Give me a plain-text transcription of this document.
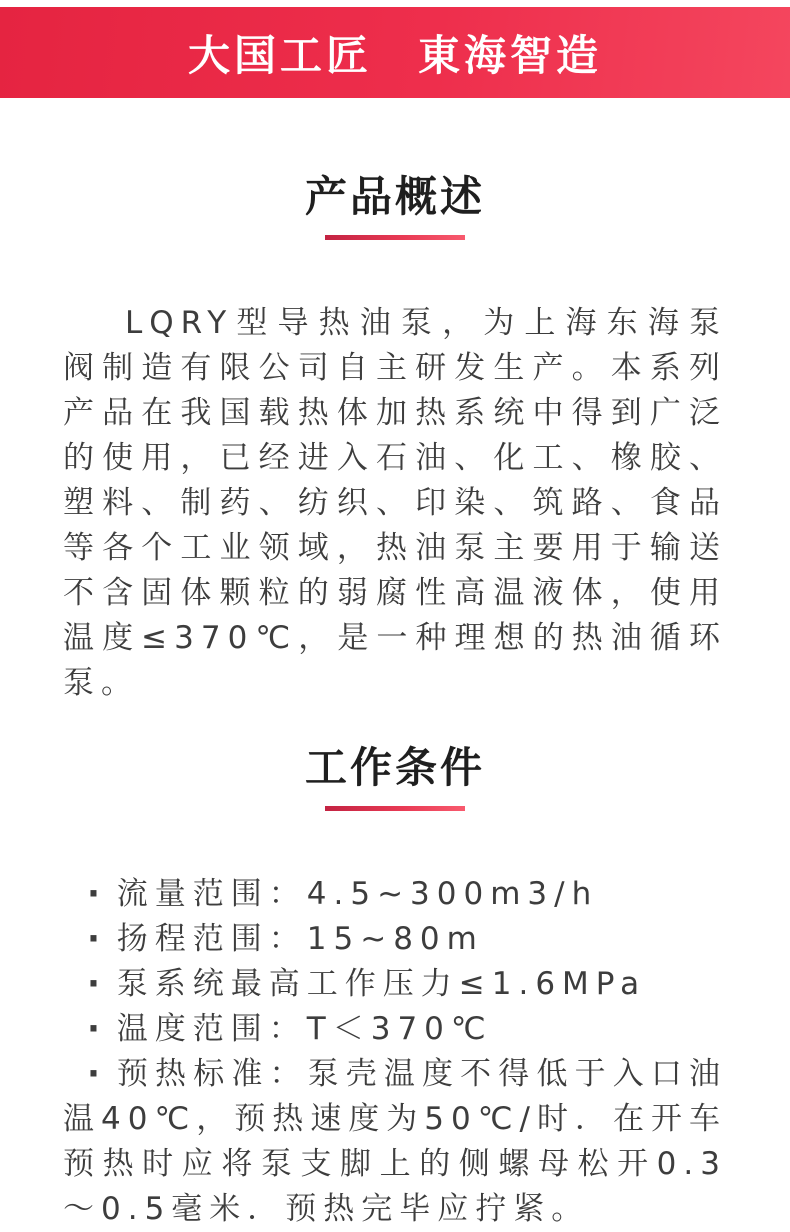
大国工匠　東海智造
产品概述

LQRY型导热油泵，为上海东海泵阀制造有限公司自主研发生产。本系列产品在我国载热体加热系统中得到广泛的使用，已经进入石油、化工、橡胶、塑料、制药、纺织、印染、筑路、食品等各个工业领域，热油泵主要用于输送不含固体颗粒的弱腐性高温液体，使用温度≤370℃，是一种理想的热油循环泵。

工作条件

· 流量范围：4.5~300m3/h

· 扬程范围：15~80m

· 泵系统最高工作压力≤1.6MPa

· 温度范围：T＜370℃

· 预热标准：泵壳温度不得低于入口油温40℃，预热速度为50℃/时．在开车预热时应将泵支脚上的侧螺母松开0.3～0.5毫米．预热完毕应拧紧。
